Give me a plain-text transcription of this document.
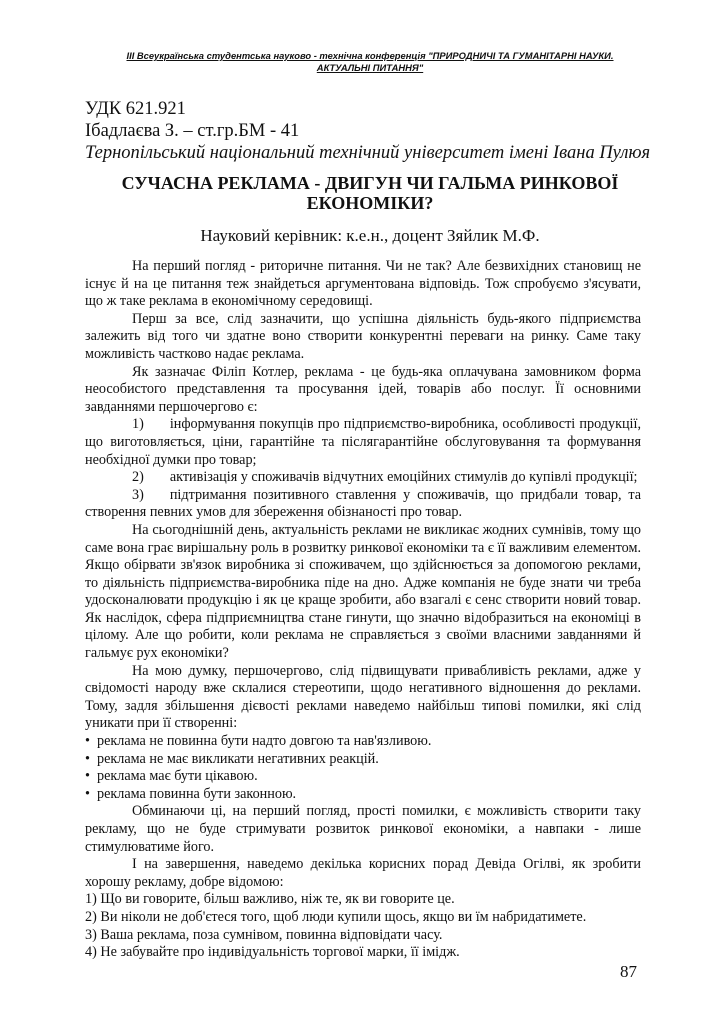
ІІІ Всеукраїнська студентська науково - технічна конференція "ПРИРОДНИЧІ ТА ГУМАНІТАРНІ НАУКИ.
АКТУАЛЬНІ ПИТАННЯ"
УДК 621.921
Ібадлаєва З. – ст.гр.БМ - 41
Тернопільський національний технічний університет імені Івана Пулюя
СУЧАСНА РЕКЛАМА - ДВИГУН ЧИ ГАЛЬМА РИНКОВОЇ
ЕКОНОМІКИ?
Науковий керівник: к.е.н., доцент Зяйлик М.Ф.

На перший погляд - риторичне питання. Чи не так? Але безвихідних становищ не існує й на це питання теж знайдеться аргументована відповідь. Тож спробуємо з'ясувати, що ж таке реклама в економічному середовищі.

Перш за все, слід зазначити, що успішна діяльність будь-якого підприємства залежить від того чи здатне воно створити конкурентні переваги на ринку. Саме таку можливість частково надає реклама.

Як зазначає Філіп Котлер, реклама - це будь-яка оплачувана замовником форма неособистого представлення та просування ідей, товарів або послуг. Її основними завданнями першочергово є:

1) інформування покупців про підприємство-виробника, особливості продукції, що виготовляється, ціни, гарантійне та післягарантійне обслуговування та формування необхідної думки про товар;
2) активізація у споживачів відчутних емоційних стимулів до купівлі продукції;
3) підтримання позитивного ставлення у споживачів, що придбали товар, та створення певних умов для збереження обізнаності про товар.

На сьогоднішній день, актуальність реклами не викликає жодних сумнівів, тому що саме вона грає вирішальну роль в розвитку ринкової економіки та є її важливим елементом. Якщо обірвати зв'язок виробника зі споживачем, що здійснюється за допомогою реклами, то діяльність підприємства-виробника піде на дно. Адже компанія не буде знати чи треба удосконалювати продукцію і як це краще зробити, або взагалі є сенс створити новий товар. Як наслідок, сфера підприємництва стане гинути, що значно відобразиться на економіці в цілому. Але що робити, коли реклама не справляється з своїми власними завданнями й гальмує рух економіки?

На мою думку, першочергово, слід підвищувати привабливість реклами, адже у свідомості народу вже склалися стереотипи, щодо негативного відношення до реклами. Тому, задля збільшення дієвості реклами наведемо найбільш типові помилки, які слід уникати при її створенні:

• реклама не повинна бути надто довгою та нав'язливою.
• реклама не має викликати негативних реакцій.
• реклама має бути цікавою.
• реклама повинна бути законною.

Обминаючи ці, на перший погляд, прості помилки, є можливість створити таку рекламу, що не буде стримувати розвиток ринкової економіки, а навпаки - лише стимулюватиме його.

І на завершення, наведемо декілька корисних порад Девіда Огілві, як зробити хорошу рекламу, добре відомою:

1) Що ви говорите, більш важливо, ніж те, як ви говорите це.
2) Ви ніколи не доб'єтеся того, щоб люди купили щось, якщо ви їм набридатимете.
3) Ваша реклама, поза сумнівом, повинна відповідати часу.
4) Не забувайте про індивідуальність торгової марки, її імідж.
87
